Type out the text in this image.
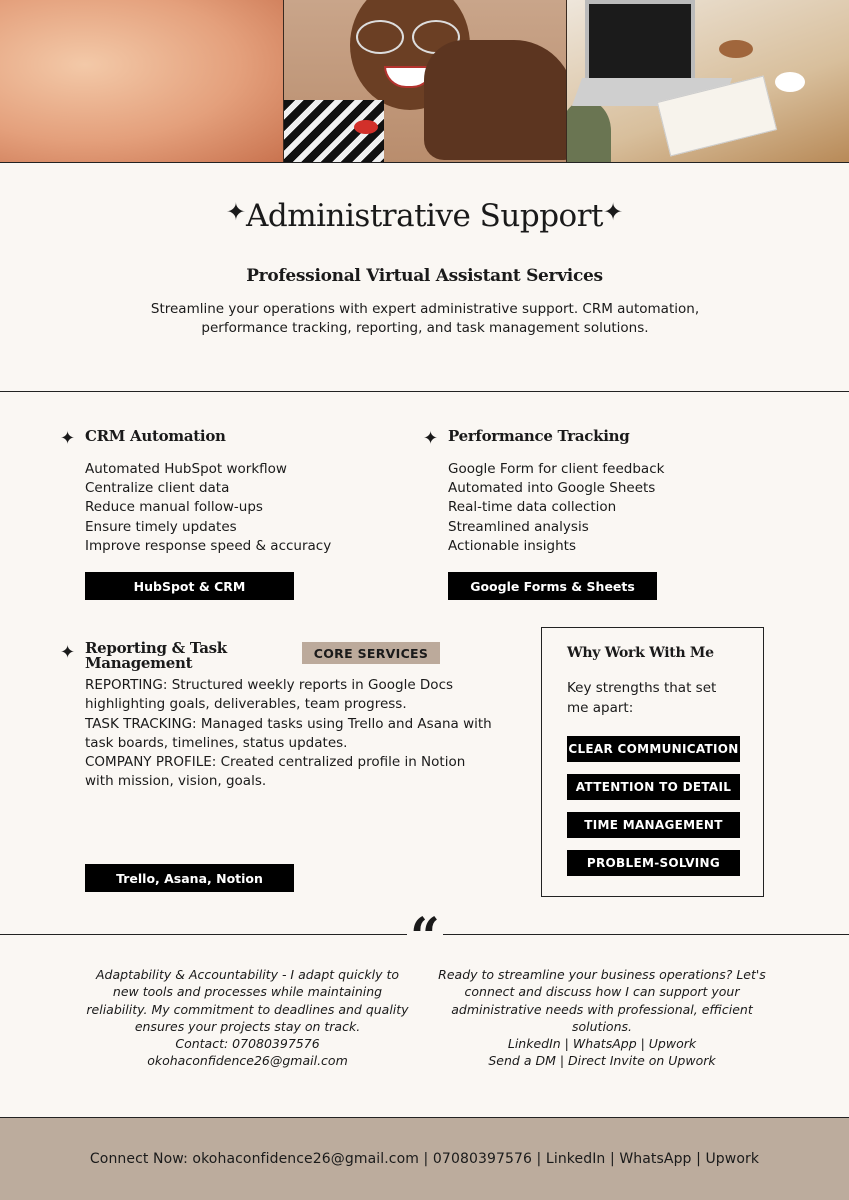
✦Administrative Support✦
Professional Virtual Assistant Services
Streamline your operations with expert administrative support. CRM automation, performance tracking, reporting, and task management solutions.
✦ CRM Automation
Automated HubSpot workflow
Centralize client data
Reduce manual follow-ups
Ensure timely updates
Improve response speed & accuracy
HubSpot & CRM
✦ Performance Tracking
Google Form for client feedback
Automated into Google Sheets
Real-time data collection
Streamlined analysis
Actionable insights
Google Forms & Sheets
✦ Reporting & Task
Management
CORE SERVICES
REPORTING: Structured weekly reports in Google Docs
highlighting goals, deliverables, team progress.
TASK TRACKING: Managed tasks using Trello and Asana with
task boards, timelines, status updates.
COMPANY PROFILE: Created centralized profile in Notion
with mission, vision, goals.
Trello, Asana, Notion
Why Work With Me
Key strengths that set
me apart:
CLEAR COMMUNICATION
ATTENTION TO DETAIL
TIME MANAGEMENT
PROBLEM-SOLVING
“
Adaptability & Accountability - I adapt quickly to
new tools and processes while maintaining
reliability. My commitment to deadlines and quality
ensures your projects stay on track.
Contact: 07080397576
okohaconfidence26@gmail.com
Ready to streamline your business operations? Let's
connect and discuss how I can support your
administrative needs with professional, efficient
solutions.
LinkedIn | WhatsApp | Upwork
Send a DM | Direct Invite on Upwork
Connect Now: okohaconfidence26@gmail.com | 07080397576 | LinkedIn | WhatsApp | Upwork
